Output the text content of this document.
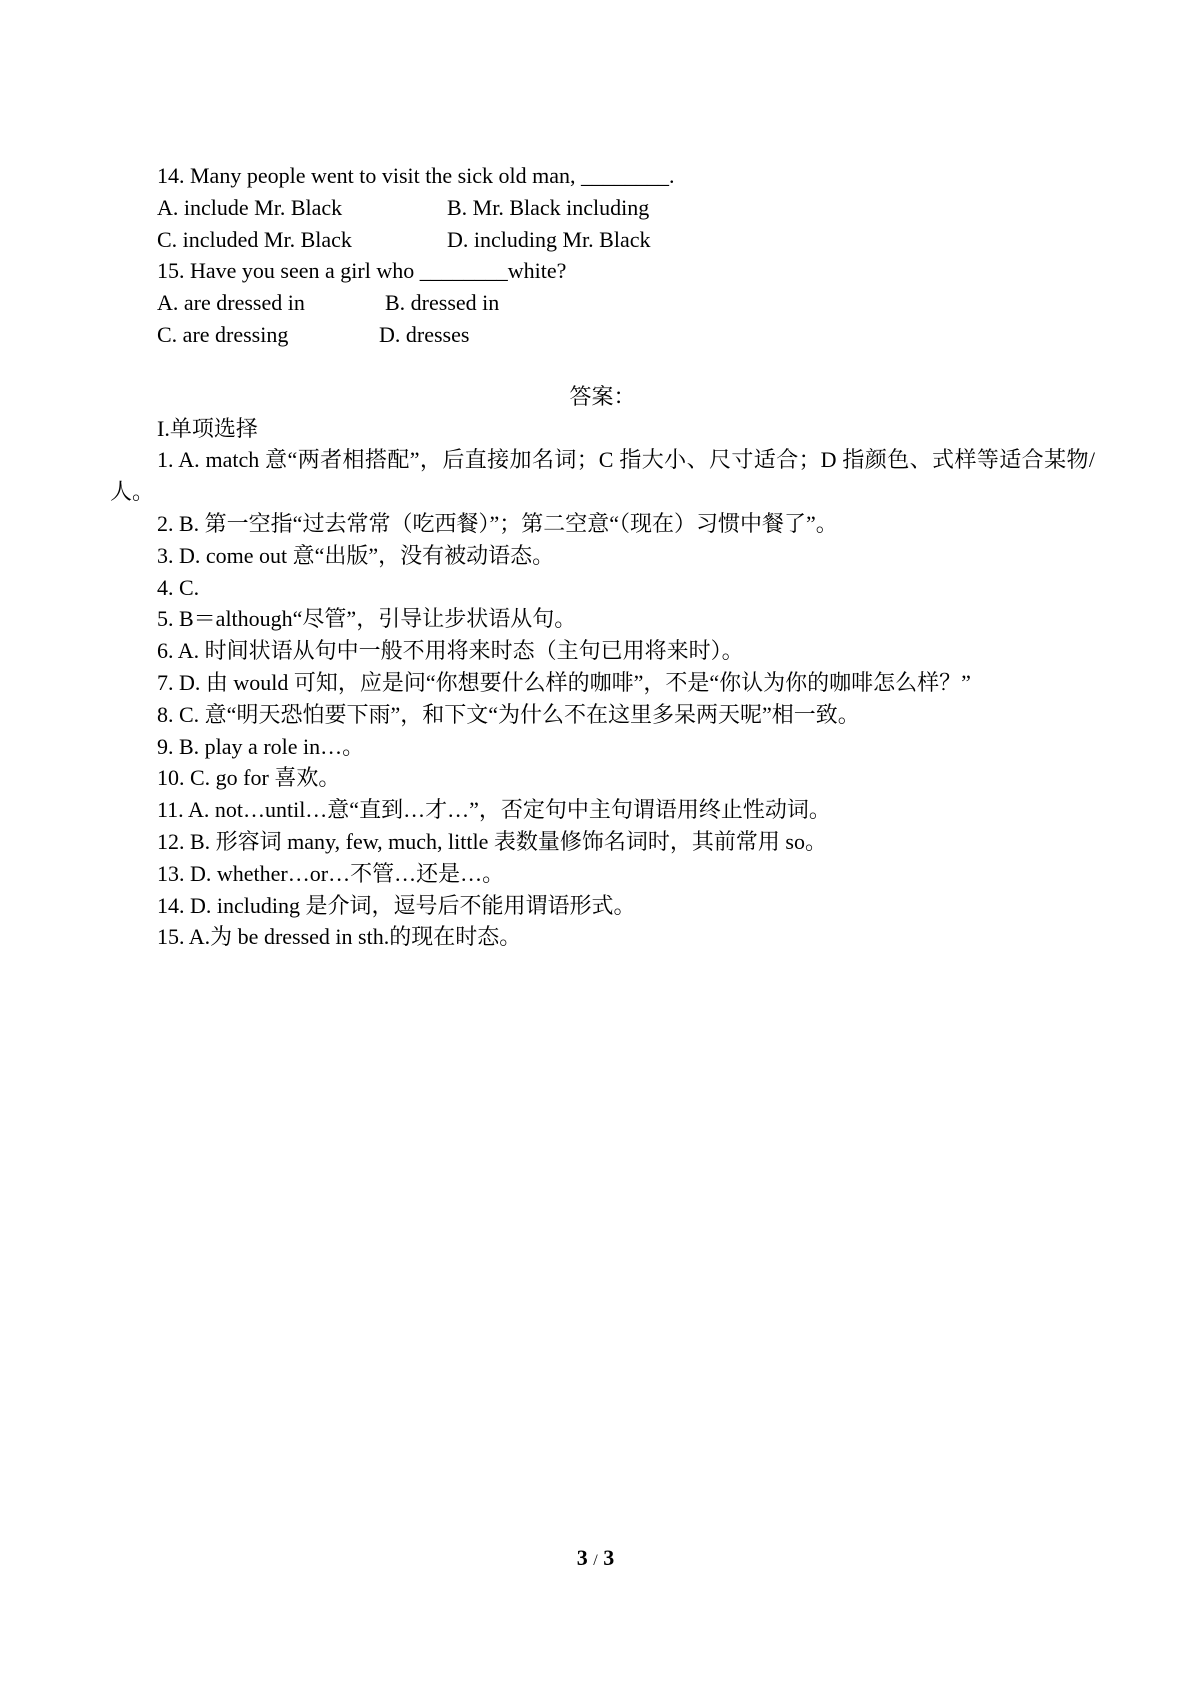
14. Many people went to visit the sick old man, ________.
A. include Mr. Black	B. Mr. Black including
C. included Mr. Black	D. including Mr. Black
15. Have you seen a girl who ________white?
A. are dressed in	B. dressed in
C. are dressing	D. dresses
答案：
I.单项选择
1. A. match 意“两者相搭配”，后直接加名词；C 指大小、尺寸适合；D 指颜色、式样等适合某物/人。
2. B. 第一空指“过去常常（吃西餐）”；第二空意“（现在）习惯中餐了”。
3. D. come out 意“出版”，没有被动语态。
4. C.
5. B＝although“尽管”，引导让步状语从句。
6. A. 时间状语从句中一般不用将来时态（主句已用将来时）。
7. D. 由 would 可知，应是问“你想要什么样的咖啡”，不是“你认为你的咖啡怎么样？”
8. C. 意“明天恐怕要下雨”，和下文“为什么不在这里多呆两天呢”相一致。
9. B. play a role in…。
10. C. go for 喜欢。
11. A. not…until…意“直到…才…”，否定句中主句谓语用终止性动词。
12. B. 形容词 many, few, much, little 表数量修饰名词时，其前常用 so。
13. D. whether…or…不管…还是…。
14. D. including 是介词，逗号后不能用谓语形式。
15. A.为 be dressed in sth.的现在时态。
3 / 3
